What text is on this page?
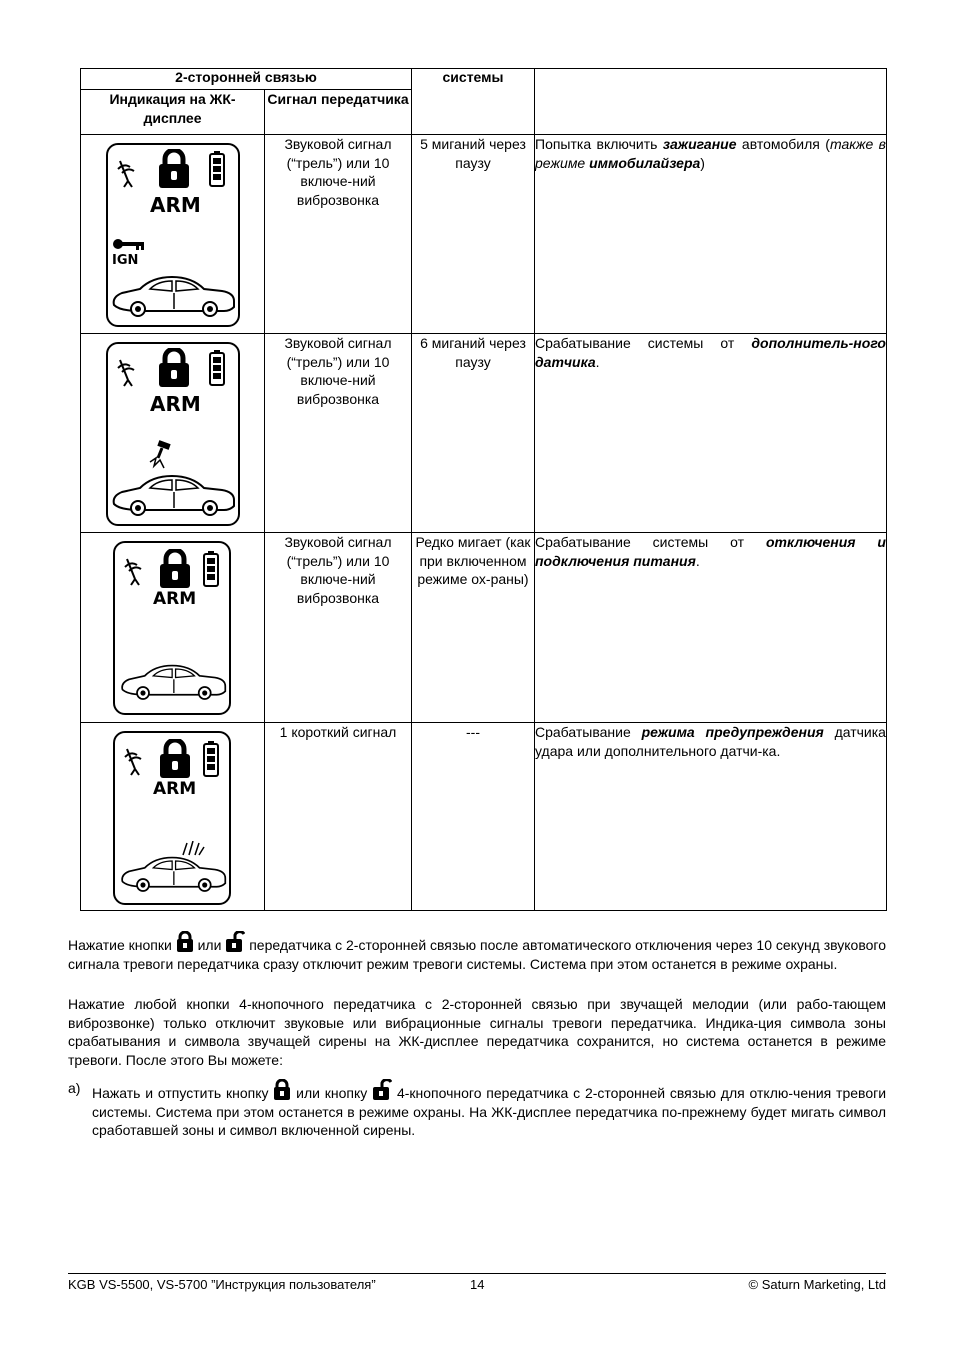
2-сторонней связью		системы	
Индикация на ЖК-дисплее	Сигнал передатчика		

ARM
IGN	Звуковой сигнал (“трель”) или 10 включе-ний виброзвонка	5 миганий через паузу	Попытка включить зажигание автомобиля (также в режиме иммобилайзера)

ARM	Звуковой сигнал (“трель”) или 10 включе-ний виброзвонка	6 миганий через паузу	Срабатывание системы от дополнитель-ного датчика.

ARM	Звуковой сигнал (“трель”) или 10 включе-ний виброзвонка	Редко мигает (как при включенном режиме ох-раны)	Срабатывание системы от отключения и подключения питания.

ARM	1 короткий сигнал	---	Срабатывание режима предупреждения датчика удара или дополнительного датчи-ка.
Нажатие кнопки или передатчика с 2-сторонней связью после автоматического отключения через 10 секунд звукового сигнала тревоги передатчика сразу отключит режим тревоги системы. Система при этом останется в режиме охраны.
Нажатие любой кнопки 4-кнопочного передатчика с 2-сторонней связью при звучащей мелодии (или рабо-тающем виброзвонке) только отключит звуковые или вибрационные сигналы тревоги передатчика. Индика-ция символа зоны срабатывания и символа звучащей сирены на ЖК-дисплее передатчика сохранится, но система останется в режиме тревоги. После этого Вы можете:
а) Нажать и отпустить кнопку или кнопку 4-кнопочного передатчика с 2-сторонней связью для отклю-чения тревоги системы. Система при этом останется в режиме охраны. На ЖК-дисплее передатчика по-прежнему будет мигать символ сработавшей зоны и символ включенной сирены.
KGB VS-5500, VS-5700 ”Инструкция пользователя”	14	© Saturn Marketing, Ltd
